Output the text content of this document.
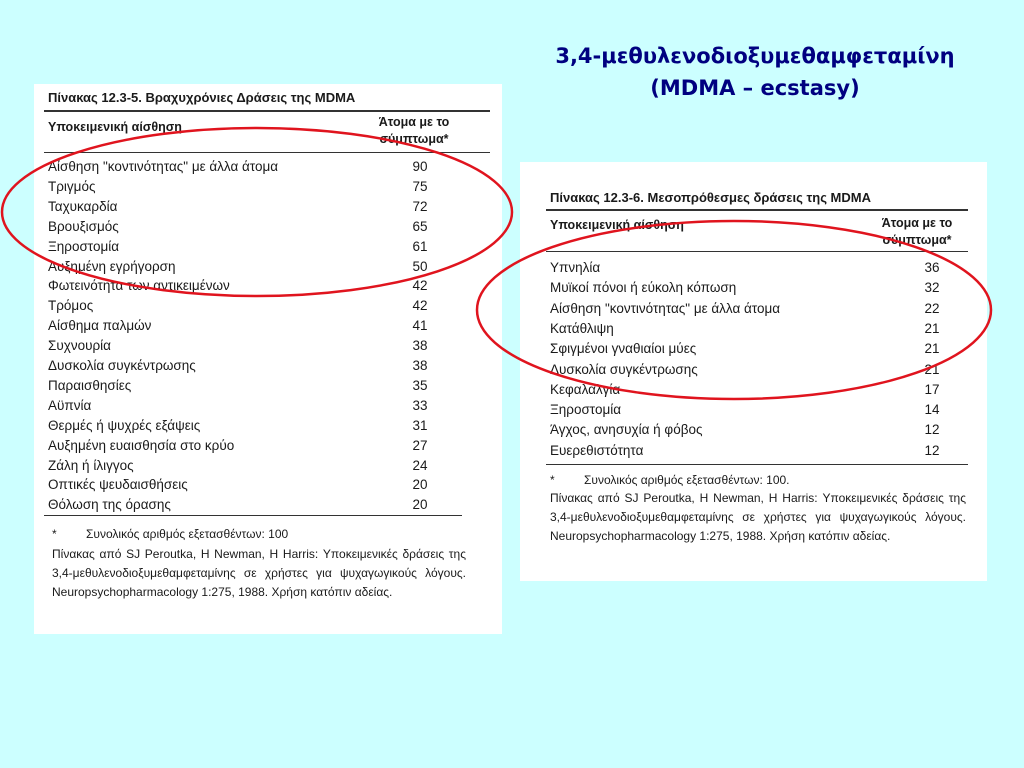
3,4-μεθυλενοδιοξυμεθαμφεταμίνη
(MDMA – ecstasy)
Πίνακας 12.3-5. Βραχυχρόνιες Δράσεις της MDMA
Υποκειμενική αίσθηση	Άτομα με το
σύμπτωμα*
Αίσθηση "κοντινότητας" με άλλα άτομα	90
Τριγμός	75
Ταχυκαρδία	72
Βρουξισμός	65
Ξηροστομία	61
Αυξημένη εγρήγορση	50
Φωτεινότητα των αντικειμένων	42
Τρόμος	42
Αίσθημα παλμών	41
Συχνουρία	38
Δυσκολία συγκέντρωσης	38
Παραισθησίες	35
Αϋπνία	33
Θερμές ή ψυχρές εξάψεις	31
Αυξημένη ευαισθησία στο κρύο	27
Ζάλη ή ίλιγγος	24
Οπτικές ψευδαισθήσεις	20
Θόλωση της όρασης	20
* Συνολικός αριθμός εξετασθέντων: 100
Πίνακας από SJ Peroutka, H Newman, H Harris: Υποκειμενικές δράσεις της 3,4-μεθυλενοδιοξυμεθαμφεταμίνης σε χρήστες για ψυχαγωγικούς λόγους. Neuropsychopharmacology 1:275, 1988. Χρήση κατόπιν αδείας.
Πίνακας 12.3-6. Μεσοπρόθεσμες δράσεις της MDMA
Υποκειμενική αίσθηση	Άτομα με το
σύμπτωμα*
Υπνηλία	36
Μυϊκοί πόνοι ή εύκολη κόπωση	32
Αίσθηση "κοντινότητας" με άλλα άτομα	22
Κατάθλιψη	21
Σφιγμένοι γναθιαίοι μύες	21
Δυσκολία συγκέντρωσης	21
Κεφαλαλγία	17
Ξηροστομία	14
Άγχος, ανησυχία ή φόβος	12
Ευερεθιστότητα	12
* Συνολικός αριθμός εξετασθέντων: 100.
Πίνακας από SJ Peroutka, H Newman, H Harris: Υποκειμενικές δράσεις της 3,4-μεθυλενοδιοξυμεθαμφεταμίνης σε χρήστες για ψυχαγωγικούς λόγους. Neuropsychopharmacology 1:275, 1988. Χρήση κατόπιν αδείας.
